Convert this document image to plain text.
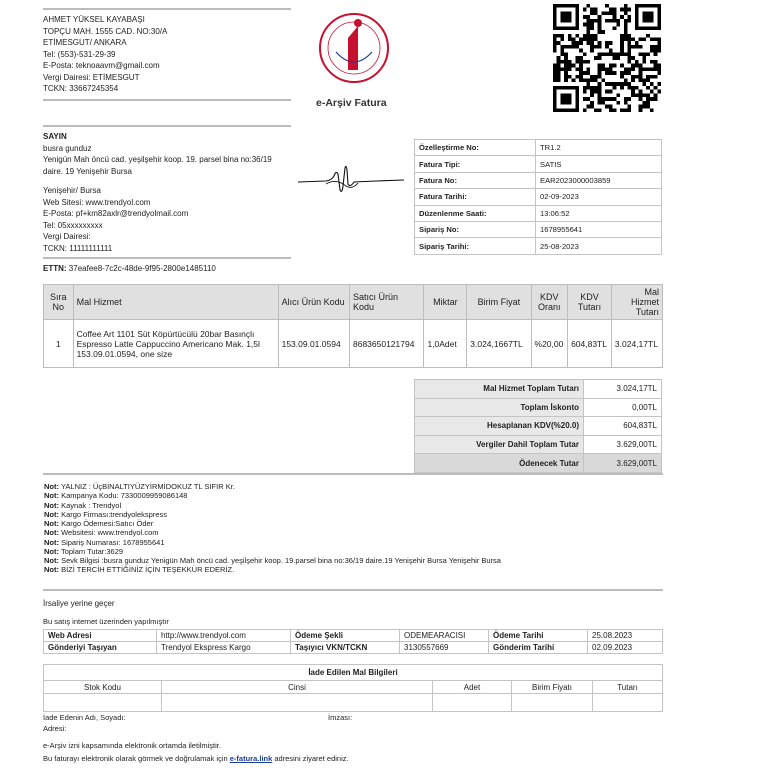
AHMET YÜKSEL KAYABAŞI
TOPÇU MAH. 1555 CAD. NO:30/A
ETİMESGUT/ ANKARA
Tel: (553)-531-29-39
E-Posta: teknoaavm@gmail.com
Vergi Dairesi: ETİMESGUT
TCKN: 33667245354
e-Arşiv Fatura
SAYIN
busra gunduz
Yenigün Mah öncü cad. yeşilşehir koop. 19. parsel bina no:36/19
daire. 19 Yenişehir Bursa
Yenişehir/ Bursa
Web Sitesi: www.trendyol.com
E-Posta: pf+km82axlr@trendyolmail.com
Tel: 05xxxxxxxxx
Vergi Dairesi:
TCKN: 11111111111
Özelleştirme No:	TR1.2
Fatura Tipi:	SATIS
Fatura No:	EAR2023000003859
Fatura Tarihi:	02-09-2023
Düzenlenme Saati:	13:06:52
Sipariş No:	1678955641
Sipariş Tarihi:	25-08-2023
ETTN: 37eafee8-7c2c-48de-9f95-2800e1485110
Sıra No	Mal Hizmet	Alıcı Ürün Kodu	Satıcı Ürün Kodu	Miktar	Birim Fiyat	KDV Oranı	KDV Tutarı	Mal Hizmet Tutarı
1	Coffee Art 1101 Süt Köpürtücülü 20bar Basınçlı Espresso Latte Cappuccino Americano Mak. 1,5l 153.09.01.0594, one size	153.09.01.0594	8683650121794	1,0Adet	3.024,1667TL	%20,00	604,83TL	3.024,17TL
Mal Hizmet Toplam Tutarı	3.024,17TL
Toplam İskonto	0,00TL
Hesaplanan KDV(%20.0)	604,83TL
Vergiler Dahil Toplam Tutar	3.629,00TL
Ödenecek Tutar	3.629,00TL
Not: YALNIZ : ÜçBİNALTIYÜZYİRMİDOKUZ TL SIFIR Kr.
Not: Kampanya Kodu: 7330009959086148
Not: Kaynak : Trendyol
Not: Kargo Firması:trendyolekspress
Not: Kargo Ödemesi:Satıcı Öder
Not: Websitesi: www.trendyol.com
Not: Sipariş Numarası: 1678955641
Not: Toplam Tutar:3629
Not: Sevk Bilgisi :busra gunduz Yenigün Mah öncü cad. yeşilşehir koop. 19.parsel bina no:36/19 daire.19 Yenişehir Bursa Yenişehir Bursa
Not: BİZİ TERCİH ETTİĞİNİZ İÇİN TEŞEKKÜR EDERİZ.
İrsaliye yerine geçer
Bu satış internet üzerinden yapılmıştır
Web Adresi	http://www.trendyol.com	Ödeme Şekli	ODEMEARACISI	Ödeme Tarihi	25.08.2023
Gönderiyi Taşıyan	Trendyol Ekspress Kargo	Taşıyıcı VKN/TCKN	3130557669	Gönderim Tarihi	02.09.2023
İade Edilen Mal Bilgileri				
Stok Kodu	Cinsi	Adet	Birim Fiyatı	Tutarı

İade Edenin Adı, Soyadı:	İmzası:
Adresi:
e-Arşiv izni kapsamında elektronik ortamda iletilmiştir.
Bu faturayı elektronik olarak görmek ve doğrulamak için e-fatura.link adresini ziyaret ediniz.
